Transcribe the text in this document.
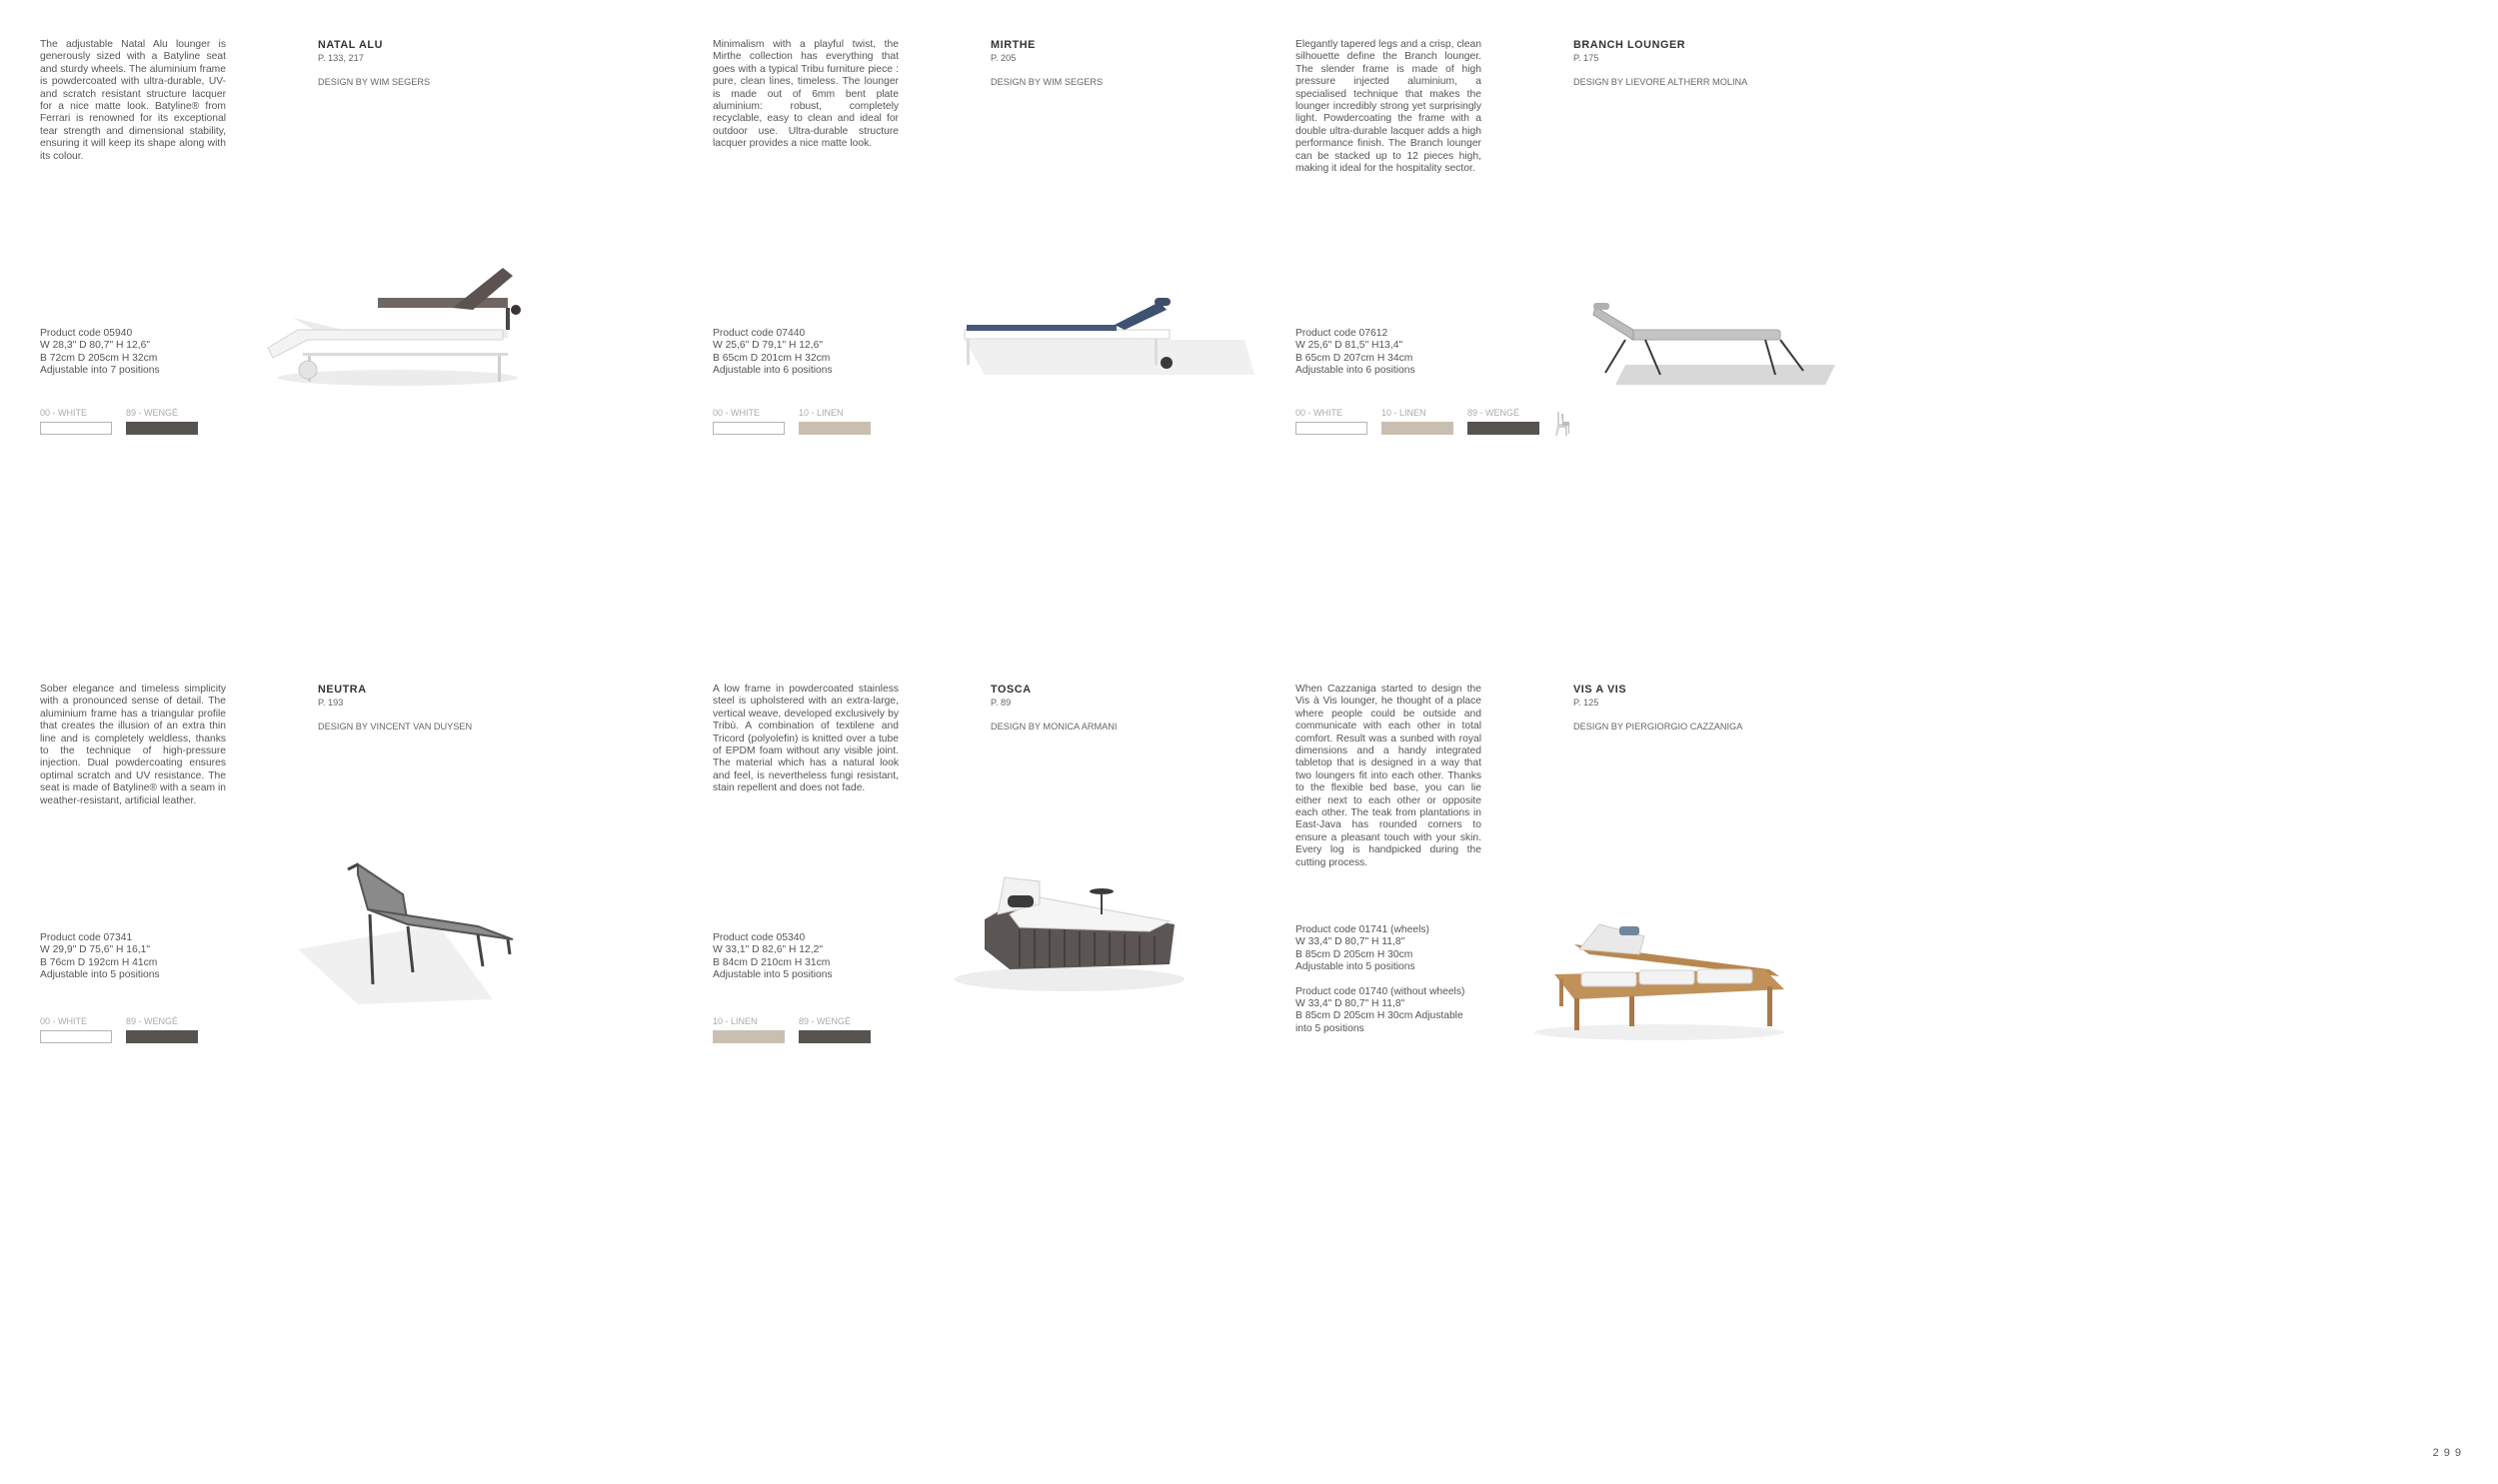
The adjustable Natal Alu lounger is generously sized with a Batyline seat and sturdy wheels. The aluminium frame is powdercoated with ultra-durable, UV- and scratch resistant structure lacquer for a nice matte look. Batyline® from Ferrari is renowned for its exceptional tear strength and dimensional stability, ensuring it will keep its shape along with its colour.

NATAL ALU
P. 133, 217
DESIGN BY WIM SEGERS
Product code 05940
W 28,3" D 80,7" H 12,6"
B 72cm D 205cm H 32cm
Adjustable into 7 positions
00 - WHITE	89 - WENGÉ

Minimalism with a playful twist, the Mirthe collection has everything that goes with a typical Tribu furniture piece : pure, clean lines, timeless. The lounger is made out of 6mm bent plate aluminium: robust, completely recyclable, easy to clean and ideal for outdoor use. Ultra-durable structure lacquer provides a nice matte look.

MIRTHE
P. 205
DESIGN BY WIM SEGERS
Product code 07440
W 25,6" D 79,1" H 12,6"
B 65cm D 201cm H 32cm
Adjustable into 6 positions
00 - WHITE	10 - LINEN

Elegantly tapered legs and a crisp, clean silhouette define the Branch lounger. The slender frame is made of high pressure injected aluminium, a specialised technique that makes the lounger incredibly strong yet surprisingly light. Powdercoating the frame with a double ultra-durable lacquer adds a high performance finish. The Branch lounger can be stacked up to 12 pieces high, making it ideal for the hospitality sector.

BRANCH LOUNGER
P. 175
DESIGN BY LIEVORE ALTHERR MOLINA
Product code 07612
W 25,6" D 81,5" H13,4"
B 65cm D 207cm H 34cm
Adjustable into 6 positions
00 - WHITE	10 - LINEN	89 - WENGÉ

Sober elegance and timeless simplicity with a pronounced sense of detail. The aluminium frame has a triangular profile that creates the illusion of an extra thin line and is completely weldless, thanks to the technique of high-pressure injection. Dual powdercoating ensures optimal scratch and UV resistance. The seat is made of Batyline® with a seam in weather-resistant, artificial leather.

NEUTRA
P. 193
DESIGN BY VINCENT VAN DUYSEN
Product code 07341
W 29,9" D 75,6" H 16,1"
B 76cm D 192cm H 41cm
Adjustable into 5 positions
00 - WHITE	89 - WENGÉ

A low frame in powdercoated stainless steel is upholstered with an extra-large, vertical weave, developed exclusively by Tribù. A combination of textilene and Tricord (polyolefin) is knitted over a tube of EPDM foam without any visible joint. The material which has a natural look and feel, is nevertheless fungi resistant, stain repellent and does not fade.

TOSCA
P. 89
DESIGN BY MONICA ARMANI
Product code 05340
W 33,1" D 82,6" H 12,2"
B 84cm D 210cm H 31cm
Adjustable into 5 positions
10 - LINEN	89 - WENGÉ

When Cazzaniga started to design the Vis à Vis lounger, he thought of a place where people could be outside and communicate with each other in total comfort. Result was a sunbed with royal dimensions and a handy integrated tabletop that is designed in a way that two loungers fit into each other. Thanks to the flexible bed base, you can lie either next to each other or opposite each other. The teak from plantations in East-Java has rounded corners to ensure a pleasant touch with your skin. Every log is handpicked during the cutting process.

VIS A VIS
P. 125
DESIGN BY PIERGIORGIO CAZZANIGA
Product code 01741 (wheels)
W 33,4" D 80,7" H 11,8"
B 85cm D 205cm H 30cm
Adjustable into 5 positions
Product code 01740 (without wheels)
W 33,4" D 80,7" H 11,8"
B 85cm D 205cm H 30cm Adjustable
into 5 positions
299
